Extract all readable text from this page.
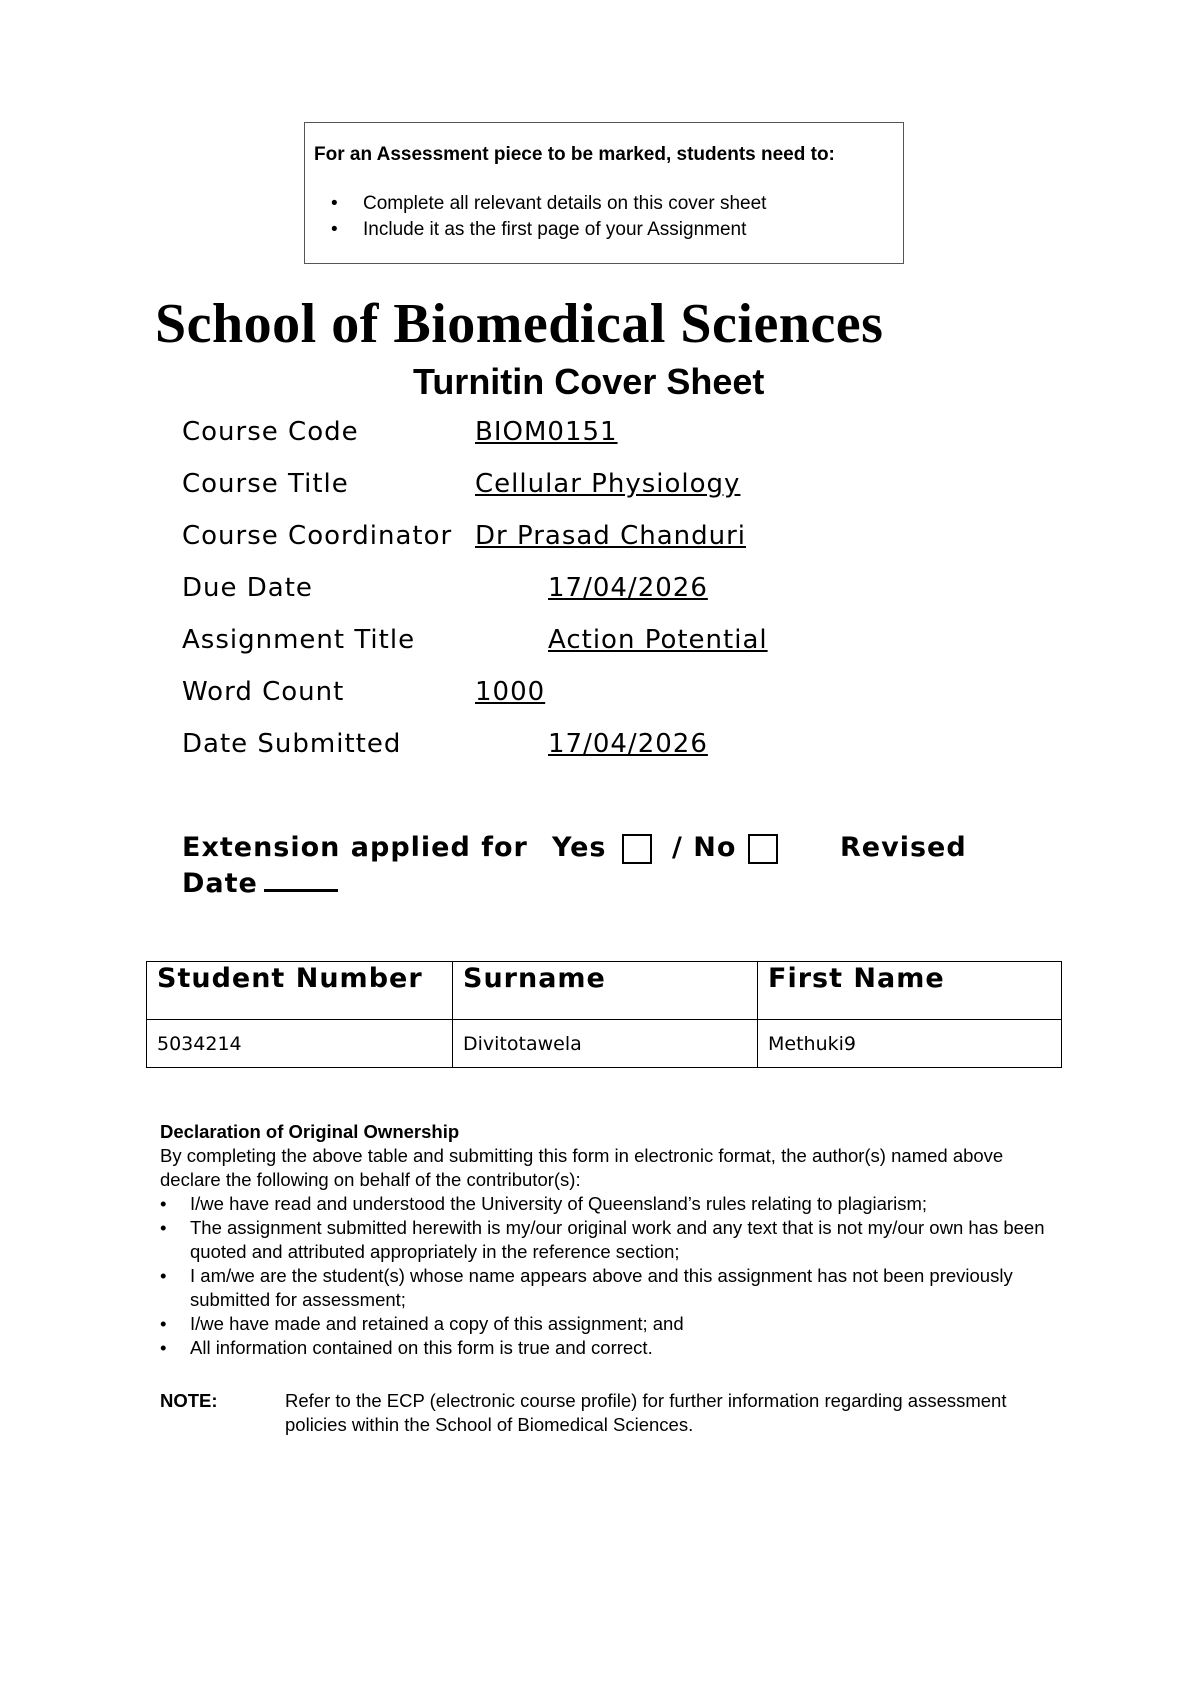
For an Assessment piece to be marked, students need to:
• Complete all relevant details on this cover sheet
• Include it as the first page of your Assignment
School of Biomedical Sciences
Turnitin Cover Sheet
Course Code	BIOM0151
Course Title	Cellular Physiology
Course Coordinator Dr Prasad Chanduri
Due Date	17/04/2026
Assignment Title	Action Potential
Word Count	1000
Date Submitted	17/04/2026
Extension applied for Yes / No	Revised
Date
Student Number	Surname	First Name
5034214	Divitotawela	Methuki9
Declaration of Original Ownership
By completing the above table and submitting this form in electronic format, the author(s) named above declare the following on behalf of the contributor(s):
• I/we have read and understood the University of Queensland’s rules relating to plagiarism;
• The assignment submitted herewith is my/our original work and any text that is not my/our own has been quoted and attributed appropriately in the reference section;
• I am/we are the student(s) whose name appears above and this assignment has not been previously submitted for assessment;
• I/we have made and retained a copy of this assignment; and
• All information contained on this form is true and correct.
NOTE:	Refer to the ECP (electronic course profile) for further information regarding assessment policies within the School of Biomedical Sciences.
